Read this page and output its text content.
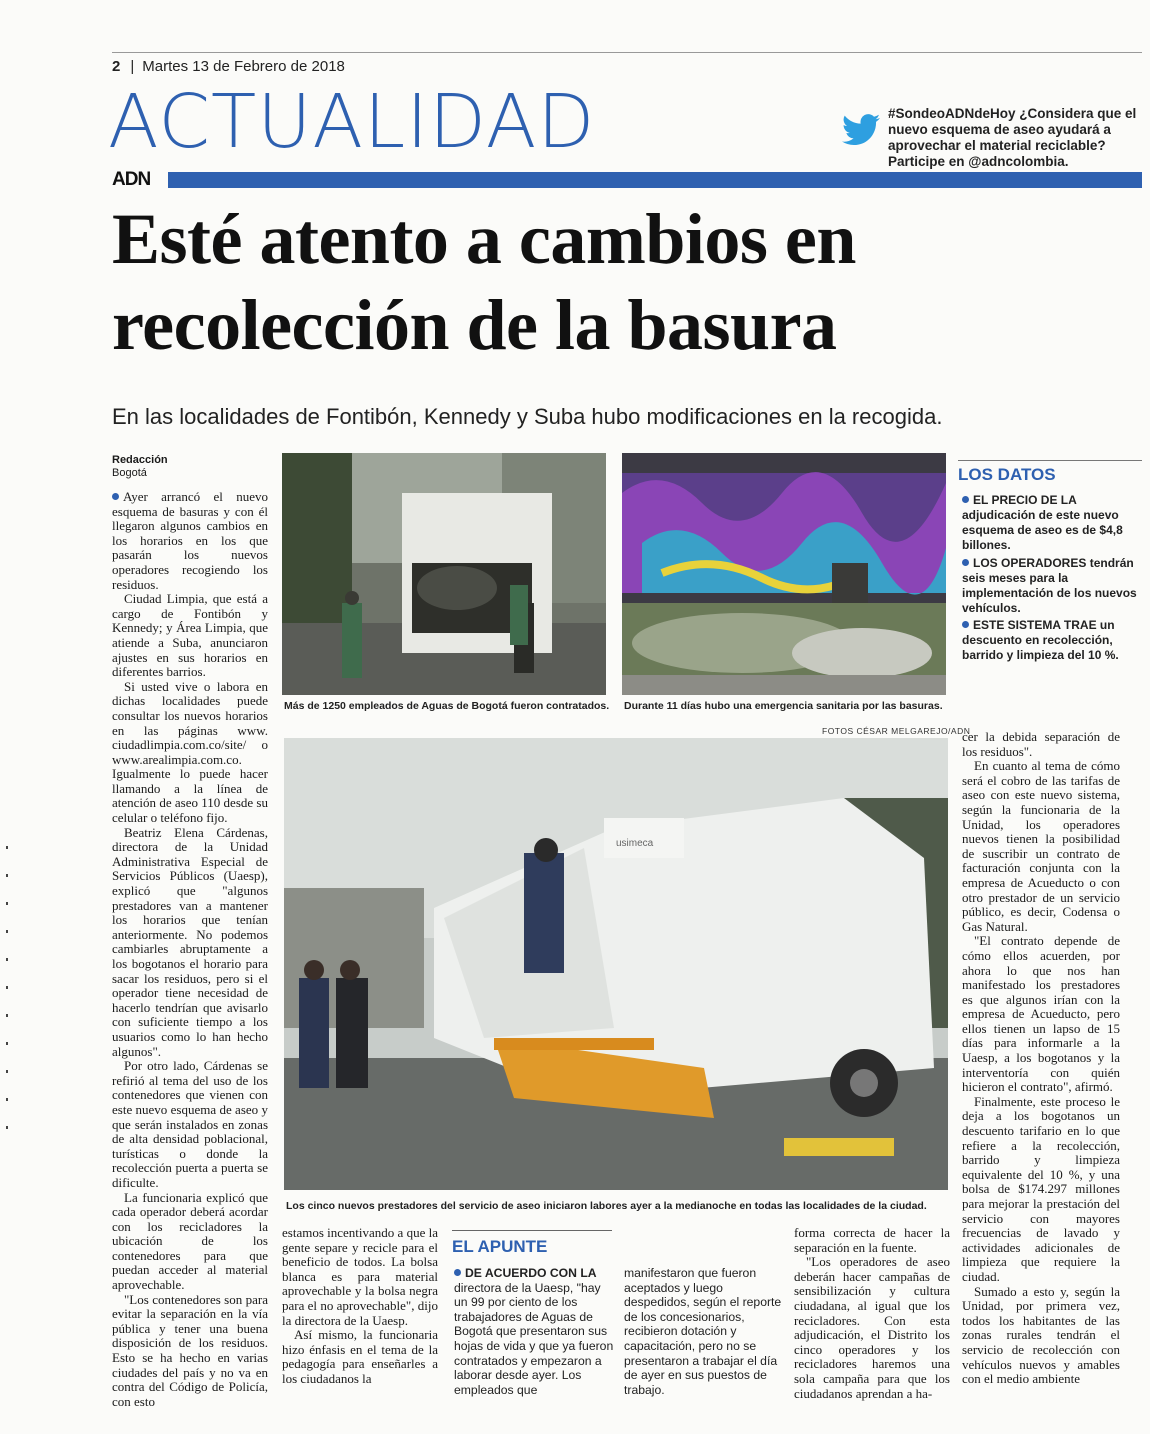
2 | Martes 13 de Febrero de 2018
ACTUALIDAD	#SondeoADNdeHoy ¿Considera que el nuevo esquema de aseo ayudará a aprovechar el material reciclable? Participe en @adncolombia.
ADN
Esté atento a cambios en recolección de la basura
En las localidades de Fontibón, Kennedy y Suba hubo modificaciones en la recogida.
Redacción
Bogotá

Ayer arrancó el nuevo esquema de basuras y con él llegaron algunos cambios en los horarios en los que pasarán los nuevos operadores recogiendo los residuos.

Ciudad Limpia, que está a cargo de Fontibón y Kennedy; y Área Limpia, que atiende a Suba, anunciaron ajustes en sus horarios en diferentes barrios.

Si usted vive o labora en dichas localidades puede consultar los nuevos horarios en las páginas www. ciudadlimpia.com.co/site/ o www.arealimpia.com.co. Igualmente lo puede hacer llamando a la línea de atención de aseo 110 desde su celular o teléfono fijo.

Beatriz Elena Cárdenas, directora de la Unidad Administrativa Especial de Servicios Públicos (Uaesp), explicó que "algunos prestadores van a mantener los horarios que tenían anteriormente. No podemos cambiarles abruptamente a los bogotanos el horario para sacar los residuos, pero si el operador tiene necesidad de hacerlo tendrían que avisarlo con suficiente tiempo a los usuarios como lo han hecho algunos".

Por otro lado, Cárdenas se refirió al tema del uso de los contenedores que vienen con este nuevo esquema de aseo y que serán instalados en zonas de alta densidad poblacional, turísticas o donde la recolección puerta a puerta se dificulte.

La funcionaria explicó que cada operador deberá acordar con los recicladores la ubicación de los contenedores para que puedan acceder al material aprovechable.

"Los contenedores son para evitar la separación en la vía pública y tener una buena disposición de los residuos. Esto se ha hecho en varias ciudades del país y no va en contra del Código de Policía, con esto

Más de 1250 empleados de Aguas de Bogotá fueron contratados. Durante 11 días hubo una emergencia sanitaria por las basuras.
FOTOS CÉSAR MELGAREJO/ADN
usimeca
Los cinco nuevos prestadores del servicio de aseo iniciaron labores ayer a la medianoche en todas las localidades de la ciudad.
LOS DATOS
EL PRECIO DE LA adjudicación de este nuevo esquema de aseo es de $4,8 billones.
LOS OPERADORES tendrán seis meses para la implementación de los nuevos vehículos.
ESTE SISTEMA TRAE un descuento en recolección, barrido y limpieza del 10 %.

estamos incentivando a que la gente separe y recicle para el beneficio de todos. La bolsa blanca es para material aprovechable y la bolsa negra para el no aprovechable", dijo la directora de la Uaesp.

Así mismo, la funcionaria hizo énfasis en el tema de la pedagogía para enseñarles a los ciudadanos la

EL APUNTE
DE ACUERDO CON LA directora de la Uaesp, "hay un 99 por ciento de los trabajadores de Aguas de Bogotá que presentaron sus hojas de vida y que ya fueron contratados y empezaron a laborar desde ayer. Los empleados que
manifestaron que fueron aceptados y luego despedidos, según el reporte de los concesionarios, recibieron dotación y capacitación, pero no se presentaron a trabajar el día de ayer en sus puestos de trabajo.

forma correcta de hacer la separación en la fuente.

"Los operadores de aseo deberán hacer campañas de sensibilización y cultura ciudadana, al igual que los recicladores. Con esta adjudicación, el Distrito los cinco operadores y los recicladores haremos una sola campaña para que los ciudadanos aprendan a ha-

cer la debida separación de los residuos".

En cuanto al tema de cómo será el cobro de las tarifas de aseo con este nuevo sistema, según la funcionaria de la Unidad, los operadores nuevos tienen la posibilidad de suscribir un contrato de facturación conjunta con la empresa de Acueducto o con otro prestador de un servicio público, es decir, Codensa o Gas Natural.

"El contrato depende de cómo ellos acuerden, por ahora lo que nos han manifestado los prestadores es que algunos irían con la empresa de Acueducto, pero ellos tienen un lapso de 15 días para informarle a la Uaesp, a los bogotanos y la interventoría con quién hicieron el contrato", afirmó.

Finalmente, este proceso le deja a los bogotanos un descuento tarifario en lo que refiere a la recolección, barrido y limpieza equivalente del 10 %, y una bolsa de $174.297 millones para mejorar la prestación del servicio con mayores frecuencias de lavado y actividades adicionales de limpieza que requiere la ciudad.

Sumado a esto y, según la Unidad, por primera vez, todos los habitantes de las zonas rurales tendrán el servicio de recolección con vehículos nuevos y amables con el medio ambiente
